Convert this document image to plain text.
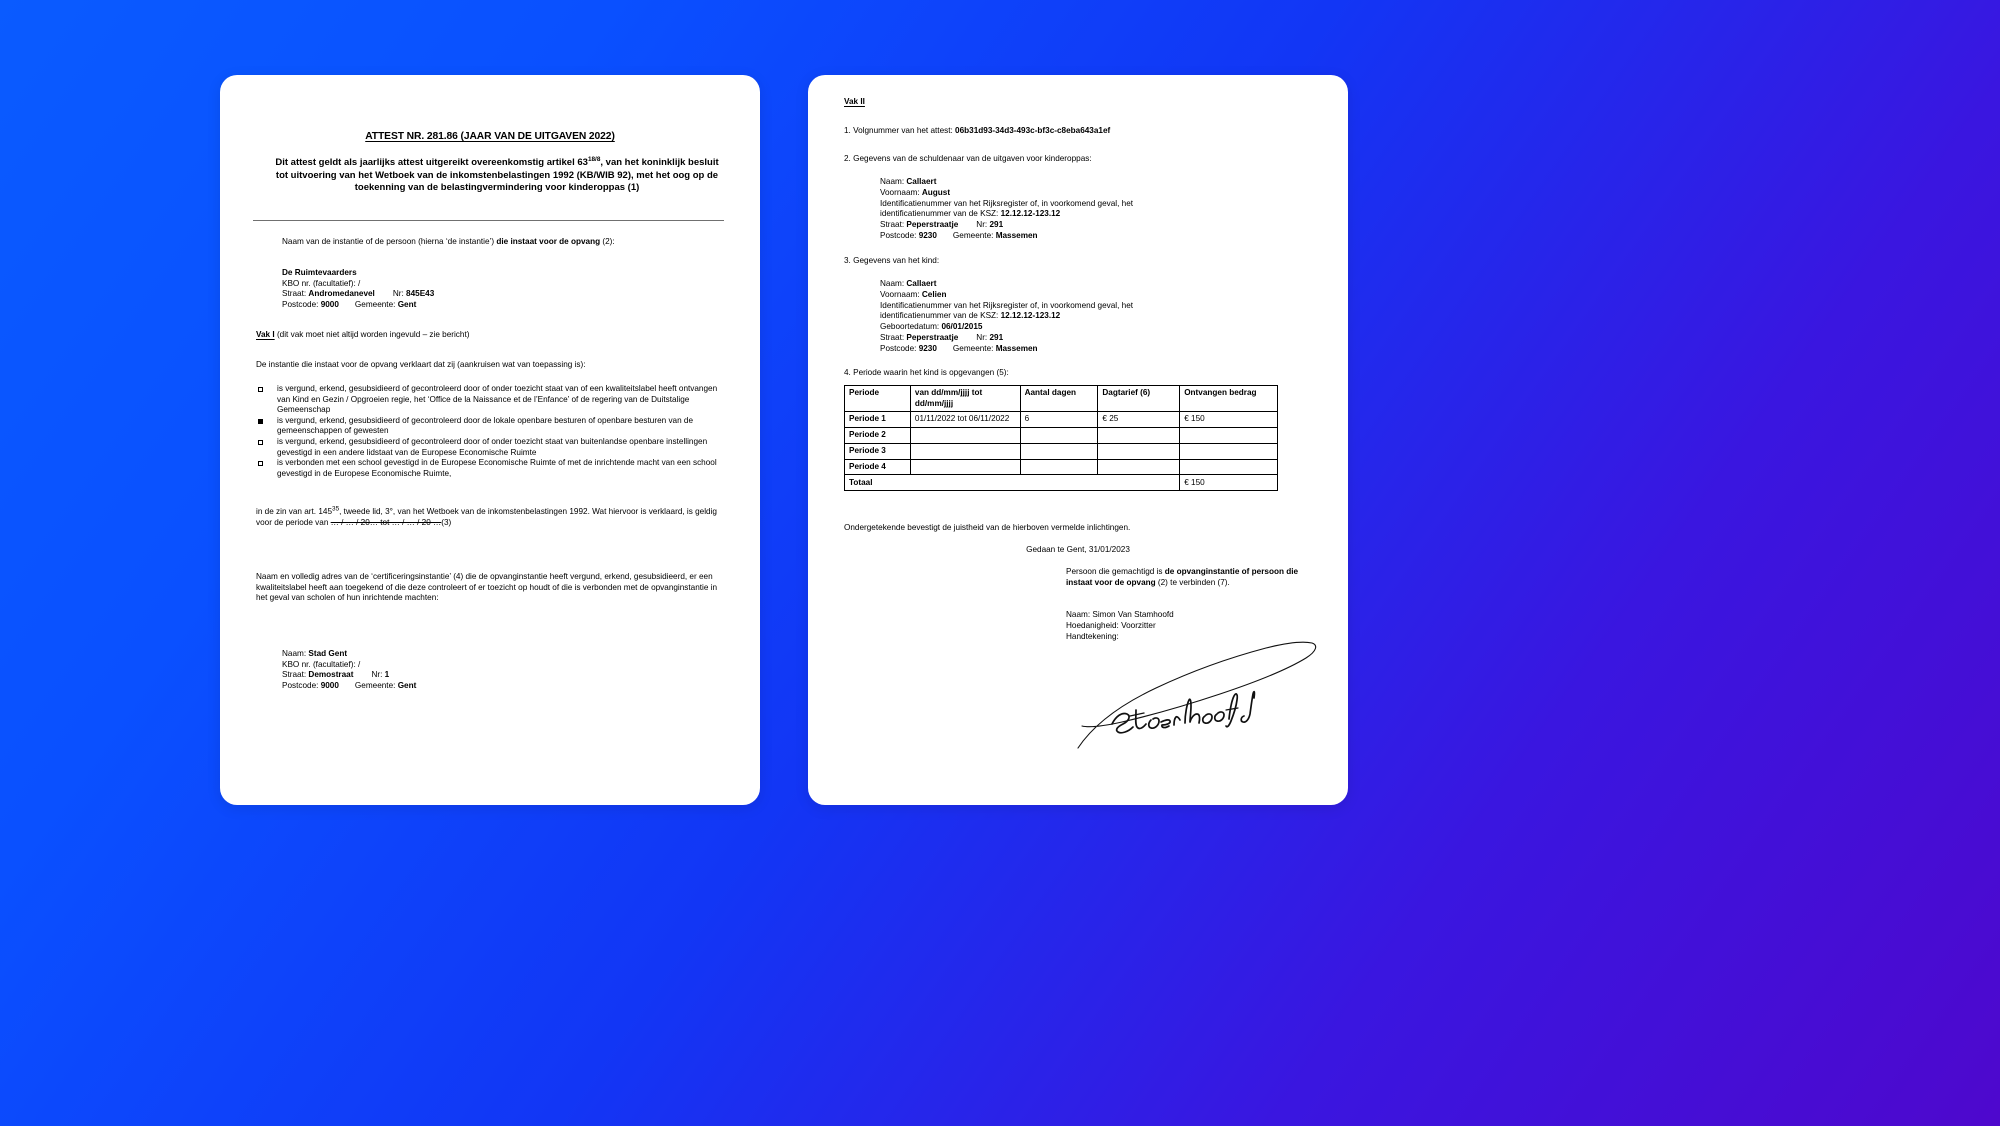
ATTEST NR. 281.86 (JAAR VAN DE UITGAVEN 2022)
Dit attest geldt als jaarlijks attest uitgereikt overeenkomstig artikel $63^{18/8}$, van het koninklijk besluit tot uitvoering van het Wetboek van de inkomstenbelastingen 1992 (KB/WIB 92), met het oog op de toekenning van de belastingvermindering voor kinderoppas (1)
Naam van de instantie of de persoon (hierna ‘de instantie’) die instaat voor de opvang (2):
De Ruimtevaarders
KBO nr. (facultatief): /
Straat: Andromedanevel Nr: 845E43
Postcode: 9000 Gemeente: Gent
Vak I (dit vak moet niet altijd worden ingevuld – zie bericht)
De instantie die instaat voor de opvang verklaart dat zij (aankruisen wat van toepassing is):
is vergund, erkend, gesubsidieerd of gecontroleerd door of onder toezicht staat van of een kwaliteitslabel heeft ontvangen van Kind en Gezin / Opgroeien regie, het ‘Office de la Naissance et de l’Enfance’ of de regering van de Duitstalige Gemeenschap
is vergund, erkend, gesubsidieerd of gecontroleerd door de lokale openbare besturen of openbare besturen van de gemeenschappen of gewesten
is vergund, erkend, gesubsidieerd of gecontroleerd door of onder toezicht staat van buitenlandse openbare instellingen gevestigd in een andere lidstaat van de Europese Economische Ruimte
is verbonden met een school gevestigd in de Europese Economische Ruimte of met de inrichtende macht van een school gevestigd in de Europese Economische Ruimte,
in de zin van art. $145^{35}$, tweede lid, 3°, van het Wetboek van de inkomstenbelastingen 1992. Wat hiervoor is verklaard, is geldig voor de periode van … / … / 20… tot … / … / 20 …(3)
Naam en volledig adres van de ‘certificeringsinstantie’ (4) die de opvanginstantie heeft vergund, erkend, gesubsidieerd, er een kwaliteitslabel heeft aan toegekend of die deze controleert of er toezicht op houdt of die is verbonden met de opvanginstantie in het geval van scholen of hun inrichtende machten:
Naam: Stad Gent
KBO nr. (facultatief): /
Straat: Demostraat Nr: 1
Postcode: 9000 Gemeente: Gent
Vak II
1. Volgnummer van het attest: 06b31d93-34d3-493c-bf3c-c8eba643a1ef
2. Gegevens van de schuldenaar van de uitgaven voor kinderoppas:
Naam: Callaert
Voornaam: August
Identificatienummer van het Rijksregister of, in voorkomend geval, het
identificatienummer van de KSZ: 12.12.12-123.12
Straat: Peperstraatje Nr: 291
Postcode: 9230 Gemeente: Massemen
3. Gegevens van het kind:
Naam: Callaert
Voornaam: Celien
Identificatienummer van het Rijksregister of, in voorkomend geval, het
identificatienummer van de KSZ: 12.12.12-123.12
Geboortedatum: 06/01/2015
Straat: Peperstraatje Nr: 291
Postcode: 9230 Gemeente: Massemen
4. Periode waarin het kind is opgevangen (5):
Periode	van dd/mm/jjjj tot dd/mm/jjjj	Aantal dagen	Dagtarief (6)	Ontvangen bedrag
Periode 1	01/11/2022 tot 06/11/2022	6	€ 25	€ 150
Periode 2				
Periode 3				
Periode 4				
Totaal				€ 150
Ondergetekende bevestigt de juistheid van de hierboven vermelde inlichtingen.
Gedaan te Gent, 31/01/2023
Persoon die gemachtigd is de opvanginstantie of persoon die instaat voor de opvang (2) te verbinden (7).
Naam: Simon Van Stamhoofd
Hoedanigheid: Voorzitter
Handtekening:
